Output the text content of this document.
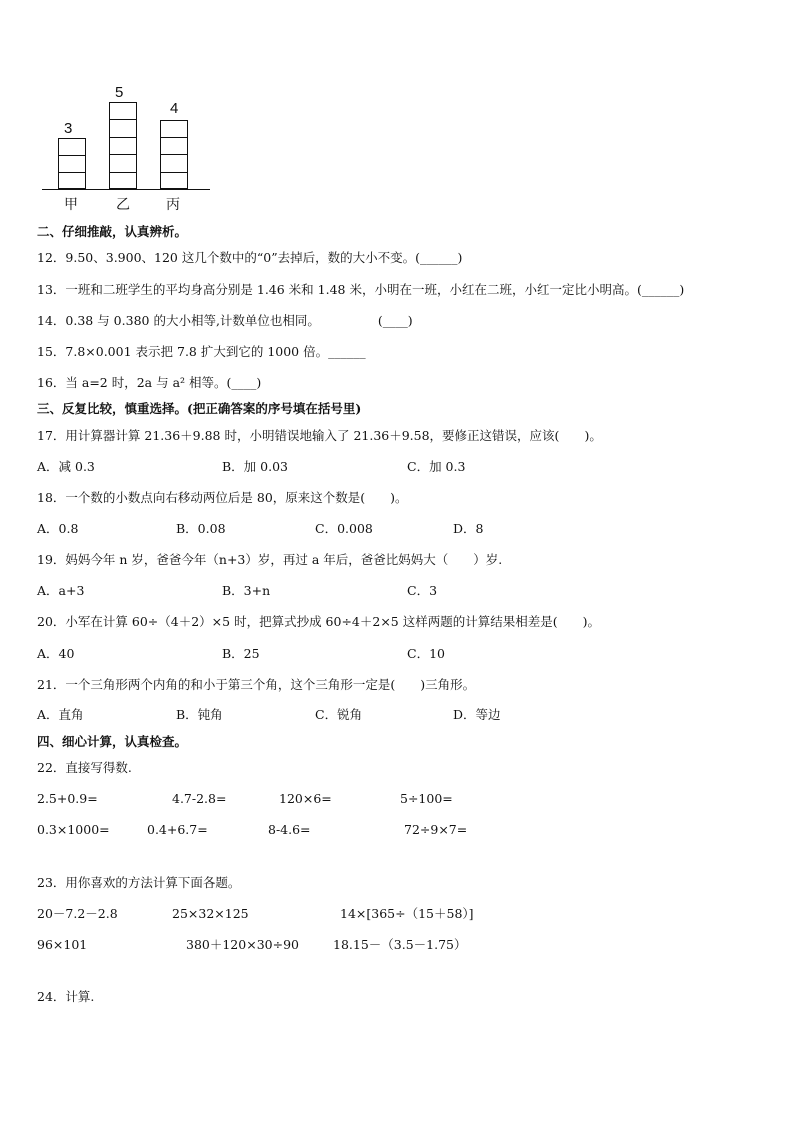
3
甲
5
乙
4
丙
二、仔细推敲，认真辨析。
12．9.50、3.900、120 这几个数中的“0”去掉后，数的大小不变。(______)
13．一班和二班学生的平均身高分别是 1.46 米和 1.48 米，小明在一班，小红在二班，小红一定比小明高。(______)
14．0.38 与 0.380 的大小相等,计数单位也相同。	(____)
15．7.8×0.001 表示把 7.8 扩大到它的 1000 倍。______
16．当 a=2 时，2a 与 a² 相等。(____)
三、反复比较，慎重选择。(把正确答案的序号填在括号里)
17．用计算器计算 21.36＋9.88 时，小明错误地输入了 21.36＋9.58，要修正这错误，应该(　　)。
A．减 0.3	B．加 0.03	C．加 0.3
18．一个数的小数点向右移动两位后是 80，原来这个数是(　　)。
A．0.8	B．0.08	C．0.008	D．8
19．妈妈今年 n 岁，爸爸今年（n+3）岁，再过 a 年后，爸爸比妈妈大（　　）岁.
A．a+3	B．3+n	C．3
20．小军在计算 60÷（4＋2）×5 时，把算式抄成 60÷4＋2×5 这样两题的计算结果相差是(　　)。
A．40	B．25	C．10
21．一个三角形两个内角的和小于第三个角，这个三角形一定是(　　)三角形。
A．直角	B．钝角	C．锐角	D．等边
四、细心计算，认真检查。
22．直接写得数.
2.5+0.9=	4.7-2.8=	120×6=	5÷100=
0.3×1000=	0.4+6.7=	8-4.6=	72÷9×7=
23．用你喜欢的方法计算下面各题。
20－7.2－2.8	25×32×125	14×[365÷（15＋58）]
96×101	380＋120×30÷90	18.15－（3.5－1.75）
24．计算.
